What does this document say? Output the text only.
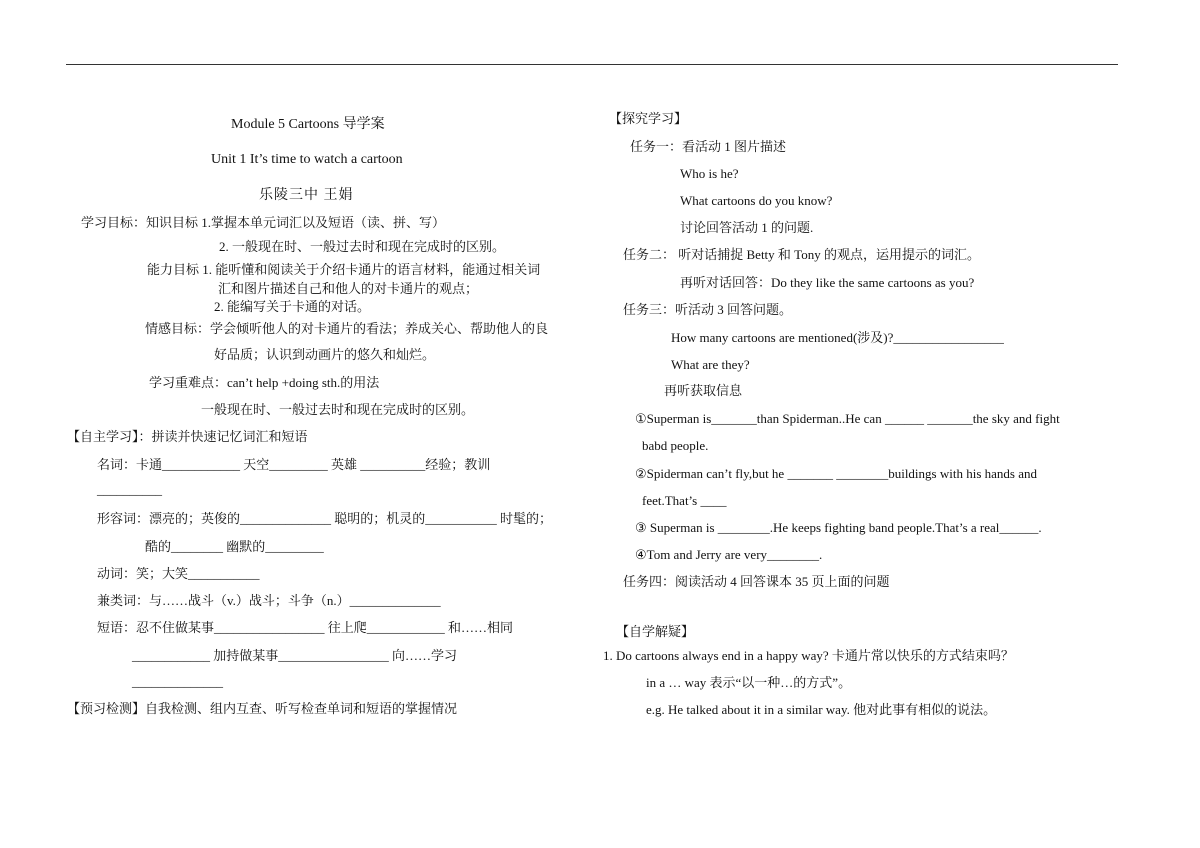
Module 5 Cartoons 导学案
Unit 1 It’s time to watch a cartoon
乐陵三中 王娟
学习目标：知识目标 1.掌握本单元词汇以及短语（读、拼、写）
2. 一般现在时、一般过去时和现在完成时的区别。
能力目标 1. 能听懂和阅读关于介绍卡通片的语言材料，能通过相关词
汇和图片描述自己和他人的对卡通片的观点；
2. 能编写关于卡通的对话。
情感目标：学会倾听他人的对卡通片的看法；养成关心、帮助他人的良
好品质；认识到动画片的悠久和灿烂。
学习重难点：can’t help +doing sth.的用法
一般现在时、一般过去时和现在完成时的区别。
【自主学习】：拼读并快速记忆词汇和短语
名词：卡通____________ 天空_________ 英雄 __________经验；教训
__________
形容词：漂亮的；英俊的______________ 聪明的；机灵的___________ 时髦的；
酷的________ 幽默的_________
动词：笑；大笑___________
兼类词：与……战斗（v.）战斗；斗争（n.）______________
短语：忍不住做某事_________________ 往上爬____________ 和……相同
____________ 加持做某事_________________ 向……学习
______________
【预习检测】自我检测、组内互查、听写检查单词和短语的掌握情况
【探究学习】
任务一：看活动 1 图片描述
Who is he?
What cartoons do you know?
讨论回答活动 1 的问题.
任务二： 听对话捕捉 Betty 和 Tony 的观点，运用提示的词汇。
再听对话回答：Do they like the same cartoons as you?
任务三：听活动 3 回答问题。
How many cartoons are mentioned(涉及)?_________________
What are they?
再听获取信息
①Superman is_______than Spiderman..He can ______ _______the sky and fight
babd people.
②Spiderman can’t fly,but he _______ ________buildings with his hands and
feet.That’s ____
③ Superman is ________.He keeps fighting band people.That’s a real______.
④Tom and Jerry are very________.
任务四：阅读活动 4 回答课本 35 页上面的问题
【自学解疑】
1. Do cartoons always end in a happy way? 卡通片常以快乐的方式结束吗？
in a … way 表示“以一种…的方式”。
e.g. He talked about it in a similar way. 他对此事有相似的说法。
